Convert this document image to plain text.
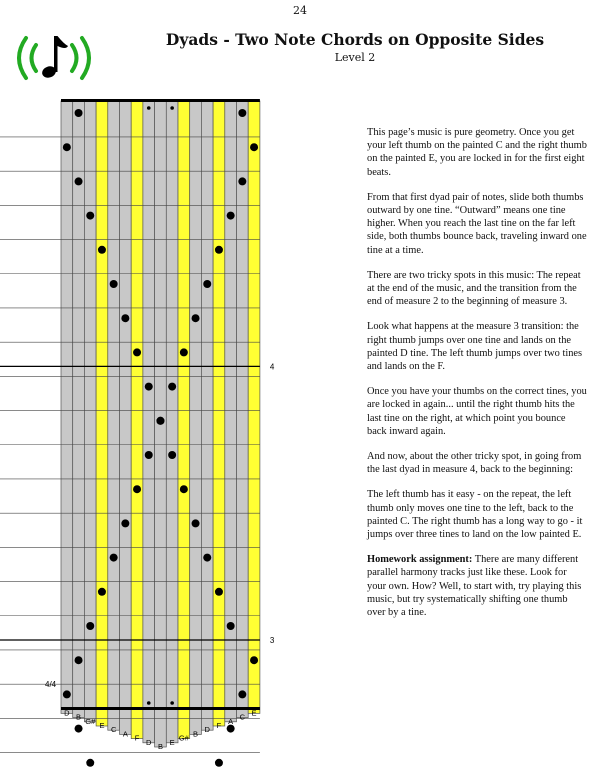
24
Dyads - Two Note Chords on Opposite Sides
Level 2
3
4
4/4
D B G# E C A F D B E G# B D F A C E

This page’s music is pure geometry. Once you get your left thumb on the painted C and the right thumb on the painted E, you are locked in for the first eight beats.

From that first dyad pair of notes, slide both thumbs outward by one tine. “Outward” means one tine higher. When you reach the last tine on the far left side, both thumbs bounce back, traveling inward one tine at a time.

There are two tricky spots in this music: The repeat at the end of the music, and the transition from the end of measure 2 to the beginning of measure 3.

Look what happens at the measure 3 transition: the right thumb jumps over one tine and lands on the painted D tine. The left thumb jumps over two tines and lands on the F.

Once you have your thumbs on the correct tines, you are locked in again... until the right thumb hits the last tine on the right, at which point you bounce back inward again.

And now, about the other tricky spot, in going from the last dyad in measure 4, back to the beginning:

The left thumb has it easy - on the repeat, the left thumb only moves one tine to the left, back to the painted C. The right thumb has a long way to go - it jumps over three tines to land on the low painted E.

Homework assignment: There are many different parallel harmony tracks just like these. Look for your own. How? Well, to start with, try playing this music, but try systematically shifting one thumb over by a tine.
